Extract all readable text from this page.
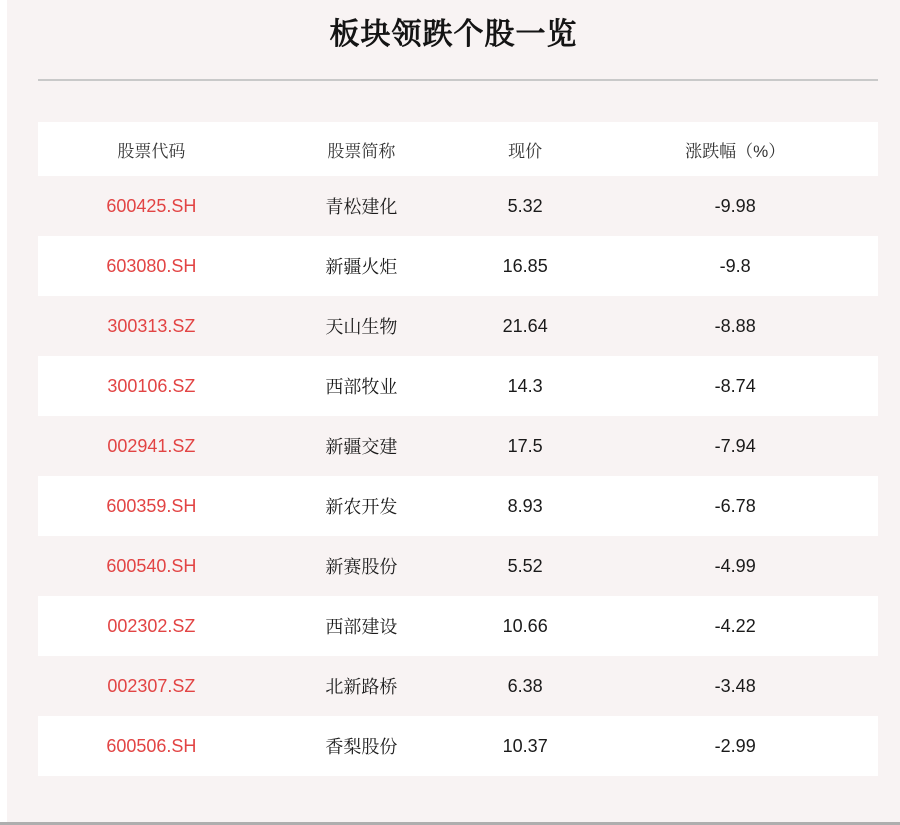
板块领跌个股一览
股票代码	股票简称	现价	涨跌幅（%）
600425.SH	青松建化	5.32	-9.98
603080.SH	新疆火炬	16.85	-9.8
300313.SZ	天山生物	21.64	-8.88
300106.SZ	西部牧业	14.3	-8.74
002941.SZ	新疆交建	17.5	-7.94
600359.SH	新农开发	8.93	-6.78
600540.SH	新赛股份	5.52	-4.99
002302.SZ	西部建设	10.66	-4.22
002307.SZ	北新路桥	6.38	-3.48
600506.SH	香梨股份	10.37	-2.99
